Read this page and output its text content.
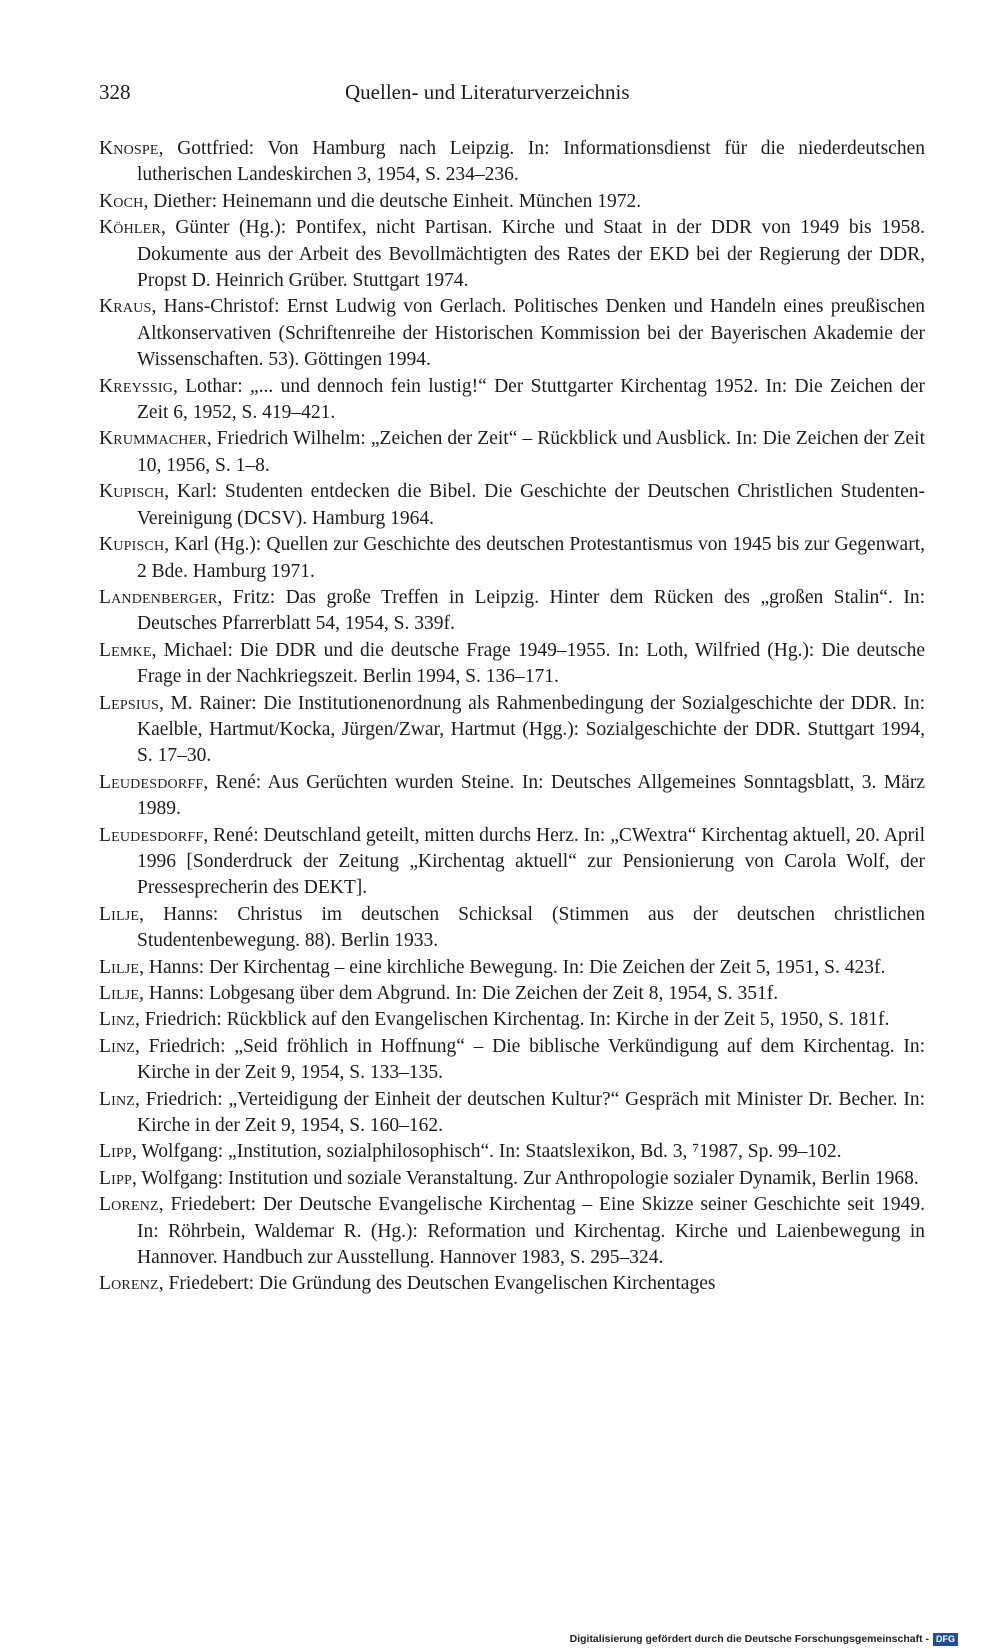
328	Quellen- und Literaturverzeichnis

Knospe, Gottfried: Von Hamburg nach Leipzig. In: Informationsdienst für die niederdeutschen lutherischen Landeskirchen 3, 1954, S. 234–236.

Koch, Diether: Heinemann und die deutsche Einheit. München 1972.

Köhler, Günter (Hg.): Pontifex, nicht Partisan. Kirche und Staat in der DDR von 1949 bis 1958. Dokumente aus der Arbeit des Bevollmächtigten des Rates der EKD bei der Regierung der DDR, Propst D. Heinrich Grüber. Stuttgart 1974.

Kraus, Hans-Christof: Ernst Ludwig von Gerlach. Politisches Denken und Handeln eines preußischen Altkonservativen (Schriftenreihe der Historischen Kommission bei der Bayerischen Akademie der Wissenschaften. 53). Göttingen 1994.

Kreyssig, Lothar: „... und dennoch fein lustig!“ Der Stuttgarter Kirchentag 1952. In: Die Zeichen der Zeit 6, 1952, S. 419–421.

Krummacher, Friedrich Wilhelm: „Zeichen der Zeit“ – Rückblick und Ausblick. In: Die Zeichen der Zeit 10, 1956, S. 1–8.

Kupisch, Karl: Studenten entdecken die Bibel. Die Geschichte der Deutschen Christlichen Studenten-Vereinigung (DCSV). Hamburg 1964.

Kupisch, Karl (Hg.): Quellen zur Geschichte des deutschen Protestantismus von 1945 bis zur Gegenwart, 2 Bde. Hamburg 1971.

Landenberger, Fritz: Das große Treffen in Leipzig. Hinter dem Rücken des „großen Stalin“. In: Deutsches Pfarrerblatt 54, 1954, S. 339f.

Lemke, Michael: Die DDR und die deutsche Frage 1949–1955. In: Loth, Wilfried (Hg.): Die deutsche Frage in der Nachkriegszeit. Berlin 1994, S. 136–171.

Lepsius, M. Rainer: Die Institutionenordnung als Rahmenbedingung der Sozialgeschichte der DDR. In: Kaelble, Hartmut/Kocka, Jürgen/Zwar, Hartmut (Hgg.): Sozialgeschichte der DDR. Stuttgart 1994, S. 17–30.

Leudesdorff, René: Aus Gerüchten wurden Steine. In: Deutsches Allgemeines Sonntagsblatt, 3. März 1989.

Leudesdorff, René: Deutschland geteilt, mitten durchs Herz. In: „CWextra“ Kirchentag aktuell, 20. April 1996 [Sonderdruck der Zeitung „Kirchentag aktuell“ zur Pensionierung von Carola Wolf, der Pressesprecherin des DEKT].

Lilje, Hanns: Christus im deutschen Schicksal (Stimmen aus der deutschen christlichen Studentenbewegung. 88). Berlin 1933.

Lilje, Hanns: Der Kirchentag – eine kirchliche Bewegung. In: Die Zeichen der Zeit 5, 1951, S. 423f.

Lilje, Hanns: Lobgesang über dem Abgrund. In: Die Zeichen der Zeit 8, 1954, S. 351f.

Linz, Friedrich: Rückblick auf den Evangelischen Kirchentag. In: Kirche in der Zeit 5, 1950, S. 181f.

Linz, Friedrich: „Seid fröhlich in Hoffnung“ – Die biblische Verkündigung auf dem Kirchentag. In: Kirche in der Zeit 9, 1954, S. 133–135.

Linz, Friedrich: „Verteidigung der Einheit der deutschen Kultur?“ Gespräch mit Minister Dr. Becher. In: Kirche in der Zeit 9, 1954, S. 160–162.

Lipp, Wolfgang: „Institution, sozialphilosophisch“. In: Staatslexikon, Bd. 3, ⁷1987, Sp. 99–102.

Lipp, Wolfgang: Institution und soziale Veranstaltung. Zur Anthropologie sozialer Dynamik, Berlin 1968.

Lorenz, Friedebert: Der Deutsche Evangelische Kirchentag – Eine Skizze seiner Geschichte seit 1949. In: Röhrbein, Waldemar R. (Hg.): Reformation und Kirchentag. Kirche und Laienbewegung in Hannover. Handbuch zur Ausstellung. Hannover 1983, S. 295–324.

Lorenz, Friedebert: Die Gründung des Deutschen Evangelischen Kirchentages

Digitalisierung gefördert durch die Deutsche Forschungsgemeinschaft - DFG
